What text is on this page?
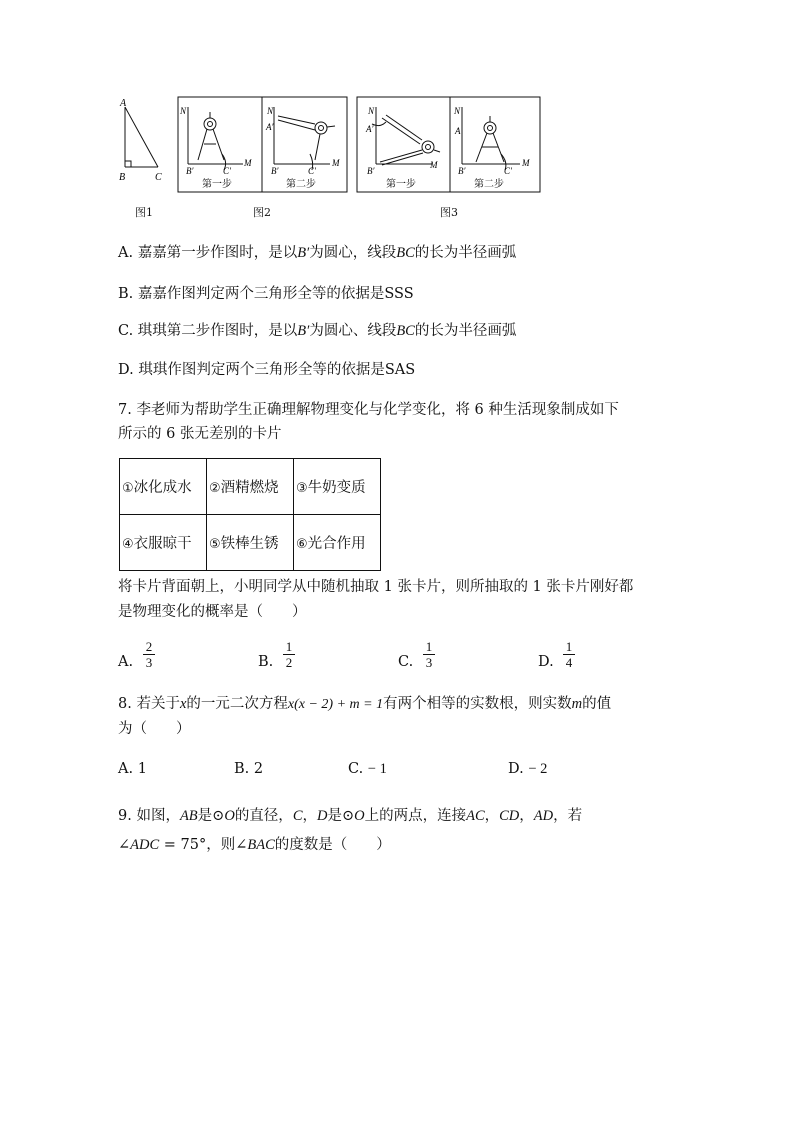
A
B	C
N
M
B′	C′
第一步
N
A′
M
B′	C′
第二步
N
A′
M
B′
第一步
N
A
M
B′	C′
第二步
图1	图2	图3
A. 嘉嘉第一步作图时，是以B′为圆心，线段BC的长为半径画弧
B. 嘉嘉作图判定两个三角形全等的依据是SSS
C. 琪琪第二步作图时，是以B′为圆心、线段BC的长为半径画弧
D. 琪琪作图判定两个三角形全等的依据是SAS
7. 李老师为帮助学生正确理解物理变化与化学变化，将 6 种生活现象制成如下
所示的 6 张无差别的卡片
①冰化成水	②酒精燃烧	③牛奶变质
④衣服晾干	⑤铁棒生锈	⑥光合作用
将卡片背面朝上，小明同学从中随机抽取 1 张卡片，则所抽取的 1 张卡片刚好都
是物理变化的概率是（　　）
A.
2
3	B.
1
2	C.
1
3	D.
1
4
8. 若关于x的一元二次方程x(x − 2) + m = 1有两个相等的实数根，则实数m的值
为（　　）
A. 1	B. 2	C. − 1	D. − 2
9. 如图，AB是⊙O的直径，C，D是⊙O上的两点，连接AC，CD，AD，若
∠ADC = 75°，则∠BAC的度数是（　　）
